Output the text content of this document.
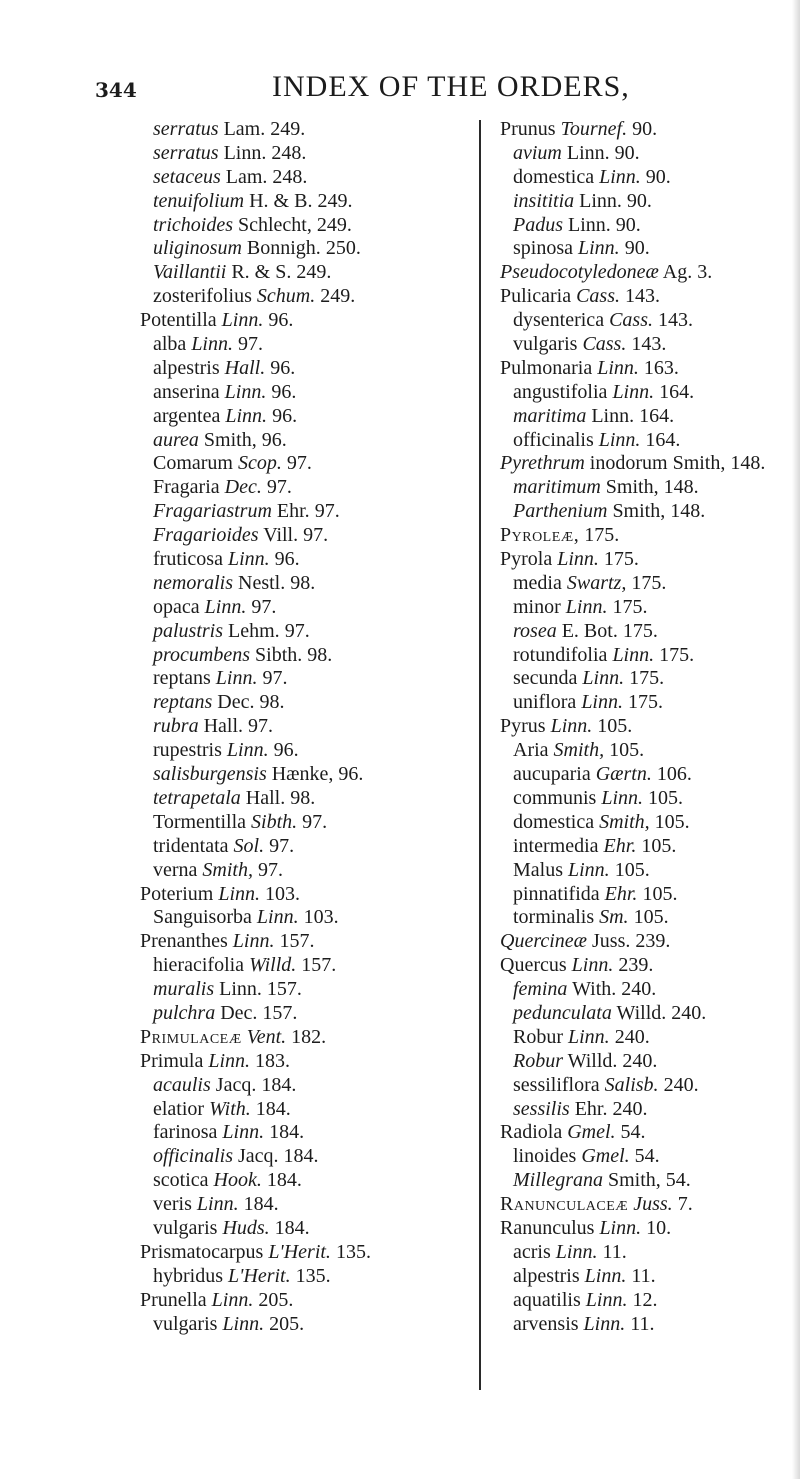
344	INDEX OF THE ORDERS,
serratus Lam. 249.
serratus Linn. 248.
setaceus Lam. 248.
tenuifolium H. & B. 249.
trichoides Schlecht, 249.
uliginosum Bonnigh. 250.
Vaillantii R. & S. 249.
zosterifolius Schum. 249.
Potentilla Linn. 96.
alba Linn. 97.
alpestris Hall. 96.
anserina Linn. 96.
argentea Linn. 96.
aurea Smith, 96.
Comarum Scop. 97.
Fragaria Dec. 97.
Fragariastrum Ehr. 97.
Fragarioides Vill. 97.
fruticosa Linn. 96.
nemoralis Nestl. 98.
opaca Linn. 97.
palustris Lehm. 97.
procumbens Sibth. 98.
reptans Linn. 97.
reptans Dec. 98.
rubra Hall. 97.
rupestris Linn. 96.
salisburgensis Hænke, 96.
tetrapetala Hall. 98.
Tormentilla Sibth. 97.
tridentata Sol. 97.
verna Smith, 97.
Poterium Linn. 103.
Sanguisorba Linn. 103.
Prenanthes Linn. 157.
hieracifolia Willd. 157.
muralis Linn. 157.
pulchra Dec. 157.
Primulaceæ Vent. 182.
Primula Linn. 183.
acaulis Jacq. 184.
elatior With. 184.
farinosa Linn. 184.
officinalis Jacq. 184.
scotica Hook. 184.
veris Linn. 184.
vulgaris Huds. 184.
Prismatocarpus L'Herit. 135.
hybridus L'Herit. 135.
Prunella Linn. 205.
vulgaris Linn. 205.
Prunus Tournef. 90.
avium Linn. 90.
domestica Linn. 90.
insititia Linn. 90.
Padus Linn. 90.
spinosa Linn. 90.
Pseudocotyledoneæ Ag. 3.
Pulicaria Cass. 143.
dysenterica Cass. 143.
vulgaris Cass. 143.
Pulmonaria Linn. 163.
angustifolia Linn. 164.
maritima Linn. 164.
officinalis Linn. 164.
Pyrethrum inodorum Smith, 148.
maritimum Smith, 148.
Parthenium Smith, 148.
Pyroleæ, 175.
Pyrola Linn. 175.
media Swartz, 175.
minor Linn. 175.
rosea E. Bot. 175.
rotundifolia Linn. 175.
secunda Linn. 175.
uniflora Linn. 175.
Pyrus Linn. 105.
Aria Smith, 105.
aucuparia Gærtn. 106.
communis Linn. 105.
domestica Smith, 105.
intermedia Ehr. 105.
Malus Linn. 105.
pinnatifida Ehr. 105.
torminalis Sm. 105.
Quercineæ Juss. 239.
Quercus Linn. 239.
femina With. 240.
pedunculata Willd. 240.
Robur Linn. 240.
Robur Willd. 240.
sessiliflora Salisb. 240.
sessilis Ehr. 240.
Radiola Gmel. 54.
linoides Gmel. 54.
Millegrana Smith, 54.
Ranunculaceæ Juss. 7.
Ranunculus Linn. 10.
acris Linn. 11.
alpestris Linn. 11.
aquatilis Linn. 12.
arvensis Linn. 11.
